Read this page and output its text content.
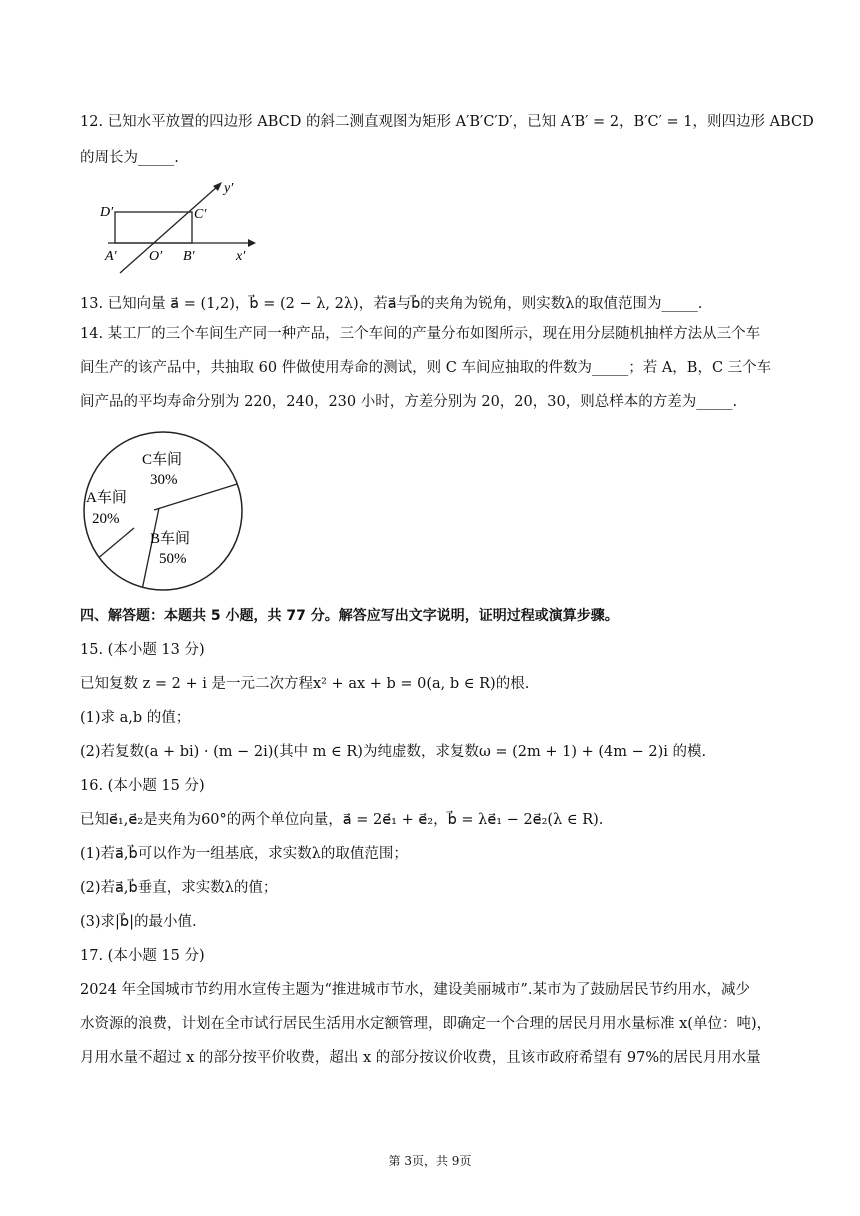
12. 已知水平放置的四边形 ABCD 的斜二测直观图为矩形 A′B′C′D′，已知 A′B′ = 2，B′C′ = 1，则四边形 ABCD
的周长为_____.
D′	C′
A′ O′ B′	x′
y′
13. 已知向量 a⃗ = (1,2)，b⃗ = (2 − λ, 2λ)，若a⃗与b⃗的夹角为锐角，则实数λ的取值范围为_____.
14. 某工厂的三个车间生产同一种产品，三个车间的产量分布如图所示，现在用分层随机抽样方法从三个车
间生产的该产品中，共抽取 60 件做使用寿命的测试，则 C 车间应抽取的件数为_____；若 A，B，C 三个车
间产品的平均寿命分别为 220，240，230 小时，方差分别为 20，20，30，则总样本的方差为_____.
C车间
30%
A车间
20%
B车间
50%
四、解答题：本题共 5 小题，共 77 分。解答应写出文字说明，证明过程或演算步骤。
15. (本小题 13 分)
已知复数 z = 2 + i 是一元二次方程x² + ax + b = 0(a, b ∈ R)的根.
(1)求 a,b 的值；
(2)若复数(a + bi) · (m − 2i)(其中 m ∈ R)为纯虚数，求复数ω = (2m + 1) + (4m − 2)i 的模.
16. (本小题 15 分)
已知e⃗₁,e⃗₂是夹角为60°的两个单位向量，a⃗ = 2e⃗₁ + e⃗₂，b⃗ = λe⃗₁ − 2e⃗₂(λ ∈ R).
(1)若a⃗,b⃗可以作为一组基底，求实数λ的取值范围；
(2)若a⃗,b⃗垂直，求实数λ的值；
(3)求|b⃗|的最小值.
17. (本小题 15 分)
2024 年全国城市节约用水宣传主题为“推进城市节水，建设美丽城市”.某市为了鼓励居民节约用水，减少
水资源的浪费，计划在全市试行居民生活用水定额管理，即确定一个合理的居民月用水量标准 x(单位：吨)，
月用水量不超过 x 的部分按平价收费，超出 x 的部分按议价收费，且该市政府希望有 97%的居民月用水量
第 3页，共 9页
